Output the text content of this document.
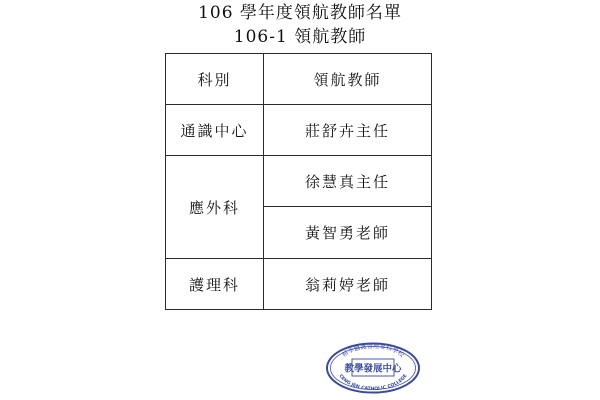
106 學年度領航教師名單
106-1 領航教師
科別	領航教師
通識中心	莊舒卉主任
應外科	徐慧真主任
	黃智勇老師
護理科	翁莉婷老師
耕莘醫護管理專科學校
教學發展中心
CENG JEN CATHOLIC COLLEGE
